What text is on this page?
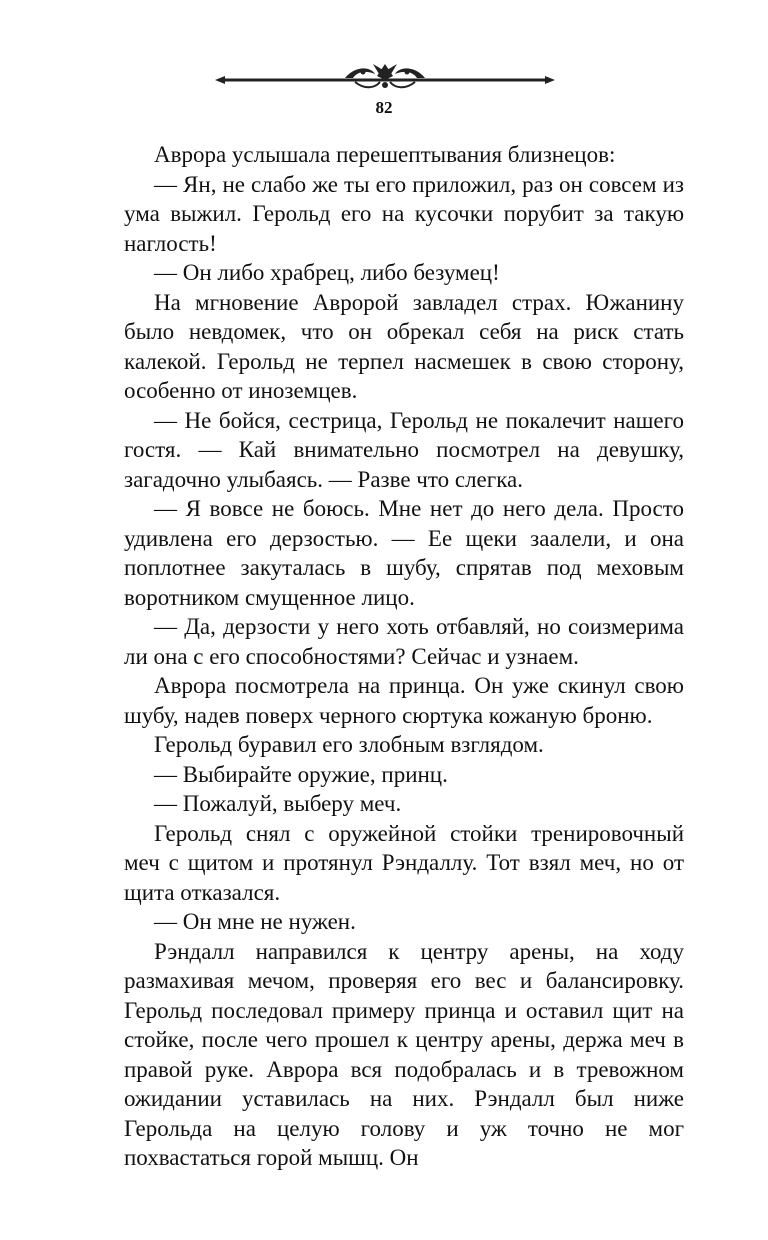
82

Аврора услышала перешептывания близнецов:

— Ян, не слабо же ты его приложил, раз он совсем из ума выжил. Герольд его на кусочки порубит за такую наглость!

— Он либо храбрец, либо безумец!

На мгновение Авророй завладел страх. Южанину было невдомек, что он обрекал себя на риск стать калекой. Герольд не терпел насмешек в свою сторону, особенно от иноземцев.

— Не бойся, сестрица, Герольд не покалечит нашего гостя. — Кай внимательно посмотрел на девушку, загадочно улыбаясь. — Разве что слегка.

— Я вовсе не боюсь. Мне нет до него дела. Просто удивлена его дерзостью. — Ее щеки заалели, и она поплотнее закуталась в шубу, спрятав под меховым воротником смущенное лицо.

— Да, дерзости у него хоть отбавляй, но соизмерима ли она с его способностями? Сейчас и узнаем.

Аврора посмотрела на принца. Он уже скинул свою шубу, надев поверх черного сюртука кожаную броню.

Герольд буравил его злобным взглядом.

— Выбирайте оружие, принц.

— Пожалуй, выберу меч.

Герольд снял с оружейной стойки тренировочный меч с щитом и протянул Рэндаллу. Тот взял меч, но от щита отказался.

— Он мне не нужен.

Рэндалл направился к центру арены, на ходу размахивая мечом, проверяя его вес и балансировку. Герольд последовал примеру принца и оставил щит на стойке, после чего прошел к центру арены, держа меч в правой руке. Аврора вся подобралась и в тревожном ожидании уставилась на них. Рэндалл был ниже Герольда на целую голову и уж точно не мог похвастаться горой мышц. Он
